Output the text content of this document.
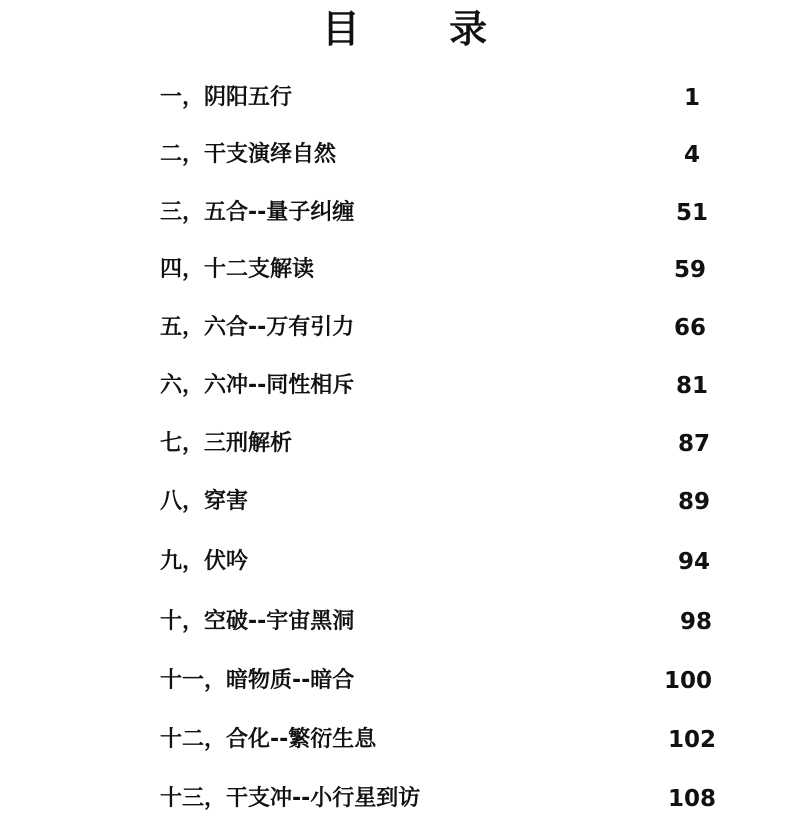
目 录
一，阴阳五行	1
二，干支演绎自然	4
三，五合--量子纠缠	51
四，十二支解读	59
五，六合--万有引力	66
六，六冲--同性相斥	81
七，三刑解析	87
八，穿害	89
九，伏吟	94
十，空破--宇宙黑洞	98
十一，暗物质--暗合	100
十二，合化--繁衍生息	102
十三，干支冲--小行星到访	108
